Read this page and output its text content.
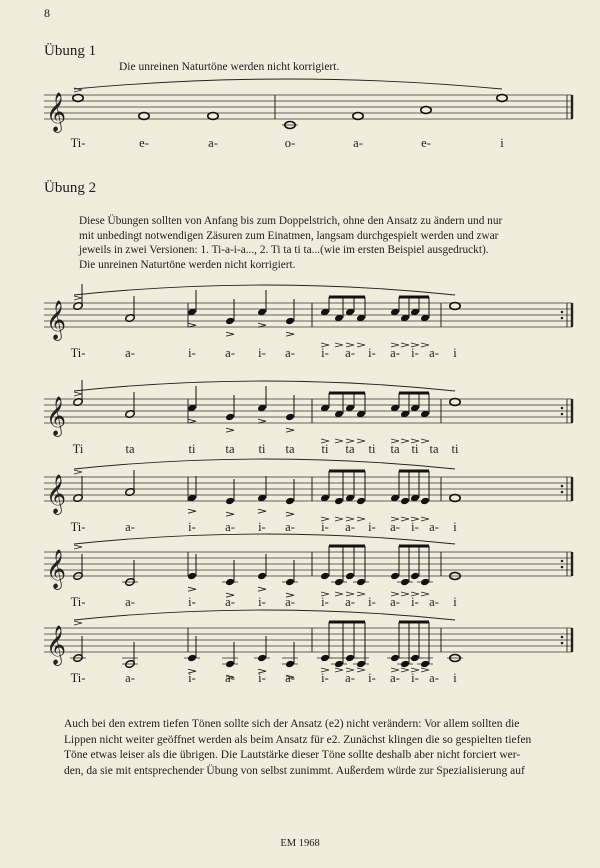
8
Übung 1
Die unreinen Naturtöne werden nicht korrigiert.
Übung 2
Diese Übungen sollten von Anfang bis zum Doppelstrich, ohne den Ansatz zu ändern und nur
mit unbedingt notwendigen Zäsuren zum Einatmen, langsam durchgespielt werden und zwar
jeweils in zwei Versionen: 1. Ti-a-i-a..., 2. Ti ta ti ta...(wie im ersten Beispiel ausgedruckt).
Die unreinen Naturtöne werden nicht korrigiert.
𝄞
𝄞
𝄞
𝄞
𝄞
𝄞
Ti-	e-	a-	o-	a-	e-	i
Ti-	a-	i- a- i- a- i- a- i- a- i- a- i
Ti	ta	ti ta ti ta ti ta ti ta ti ta ti
Ti-	a-	i- a- i- a- i- a- i- a- i- a- i
Ti-	a-	i- a- i- a- i- a- i- a- i- a- i
Ti-	a-	i- a- i- a- i- a- i- a- i- a- i
Auch bei den extrem tiefen Tönen sollte sich der Ansatz (e2) nicht verändern: Vor allem sollten die
Lippen nicht weiter geöffnet werden als beim Ansatz für e2. Zunächst klingen die so gespielten tiefen
Töne etwas leiser als die übrigen. Die Lautstärke dieser Töne sollte deshalb aber nicht forciert wer-
den, da sie mit entsprechender Übung von selbst zunimmt. Außerdem würde zur Spezialisierung auf
EM 1968
